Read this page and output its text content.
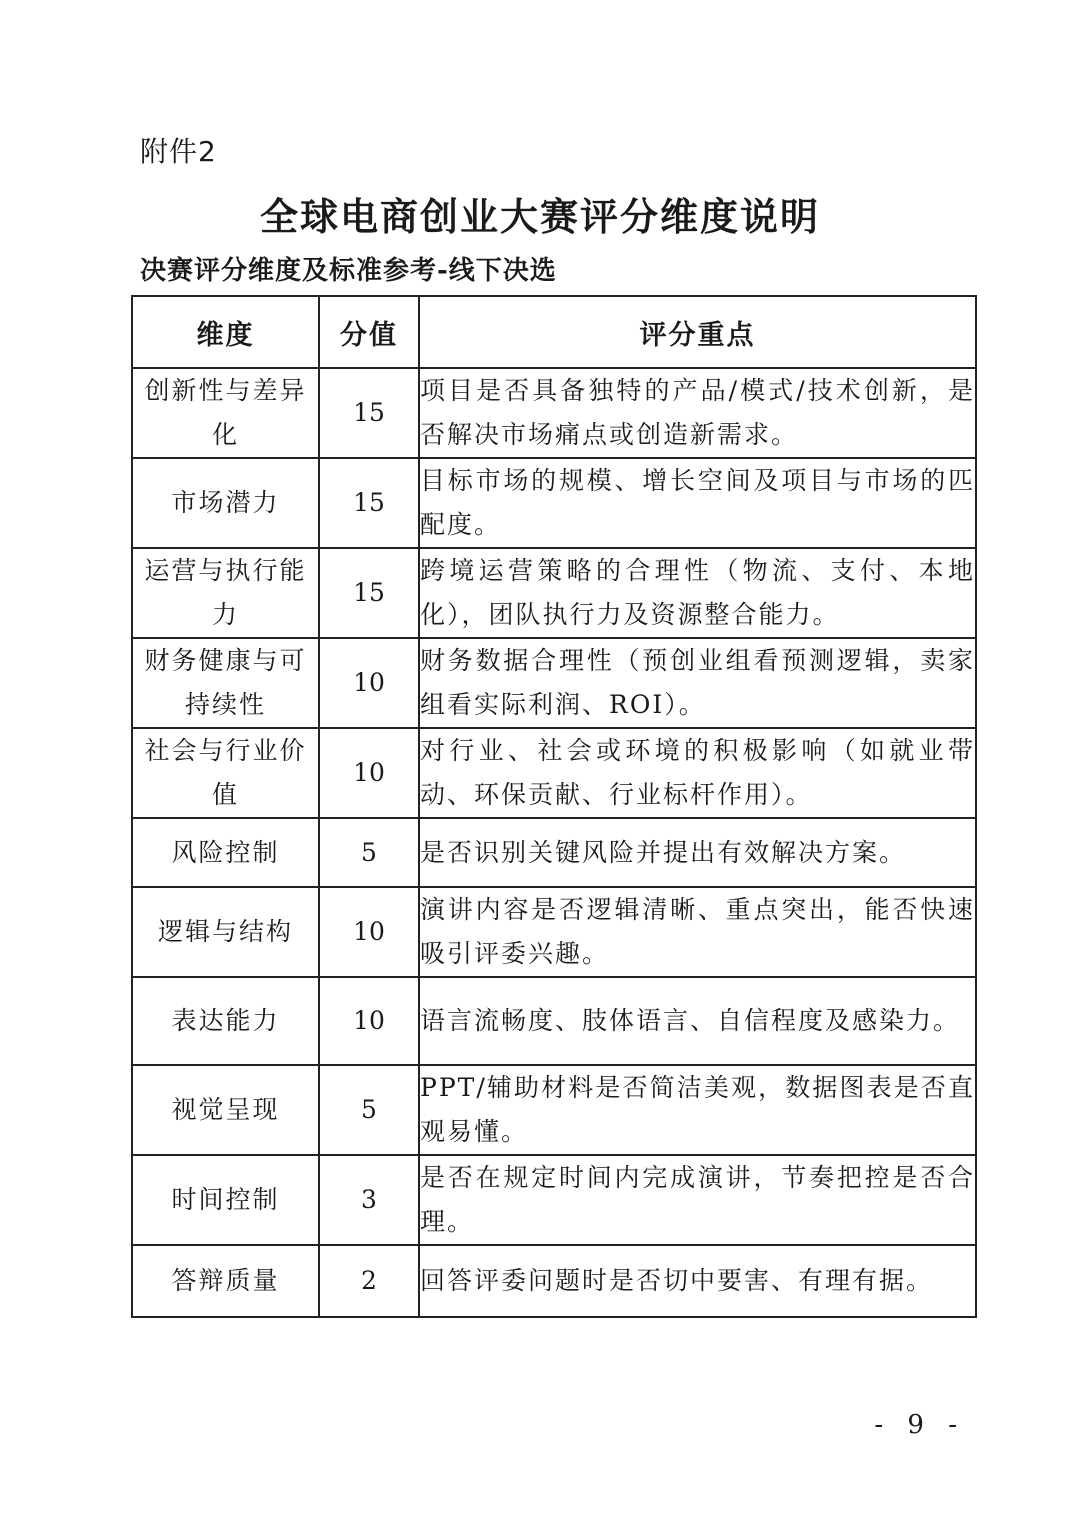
附件2
全球电商创业大赛评分维度说明
决赛评分维度及标准参考-线下决选
维度	分值	评分重点
创新性与差异化	15	项目是否具备独特的产品/模式/技术创新，是否解决市场痛点或创造新需求。
市场潜力	15	目标市场的规模、增长空间及项目与市场的匹配度。
运营与执行能力	15	跨境运营策略的合理性（物流、支付、本地化），团队执行力及资源整合能力。
财务健康与可持续性	10	财务数据合理性（预创业组看预测逻辑，卖家组看实际利润、ROI）。
社会与行业价值	10	对行业、社会或环境的积极影响（如就业带动、环保贡献、行业标杆作用）。
风险控制	5	是否识别关键风险并提出有效解决方案。
逻辑与结构	10	演讲内容是否逻辑清晰、重点突出，能否快速吸引评委兴趣。
表达能力	10	语言流畅度、肢体语言、自信程度及感染力。
视觉呈现	5	PPT/辅助材料是否简洁美观，数据图表是否直观易懂。
时间控制	3	是否在规定时间内完成演讲，节奏把控是否合理。
答辩质量	2	回答评委问题时是否切中要害、有理有据。
- 9 -
